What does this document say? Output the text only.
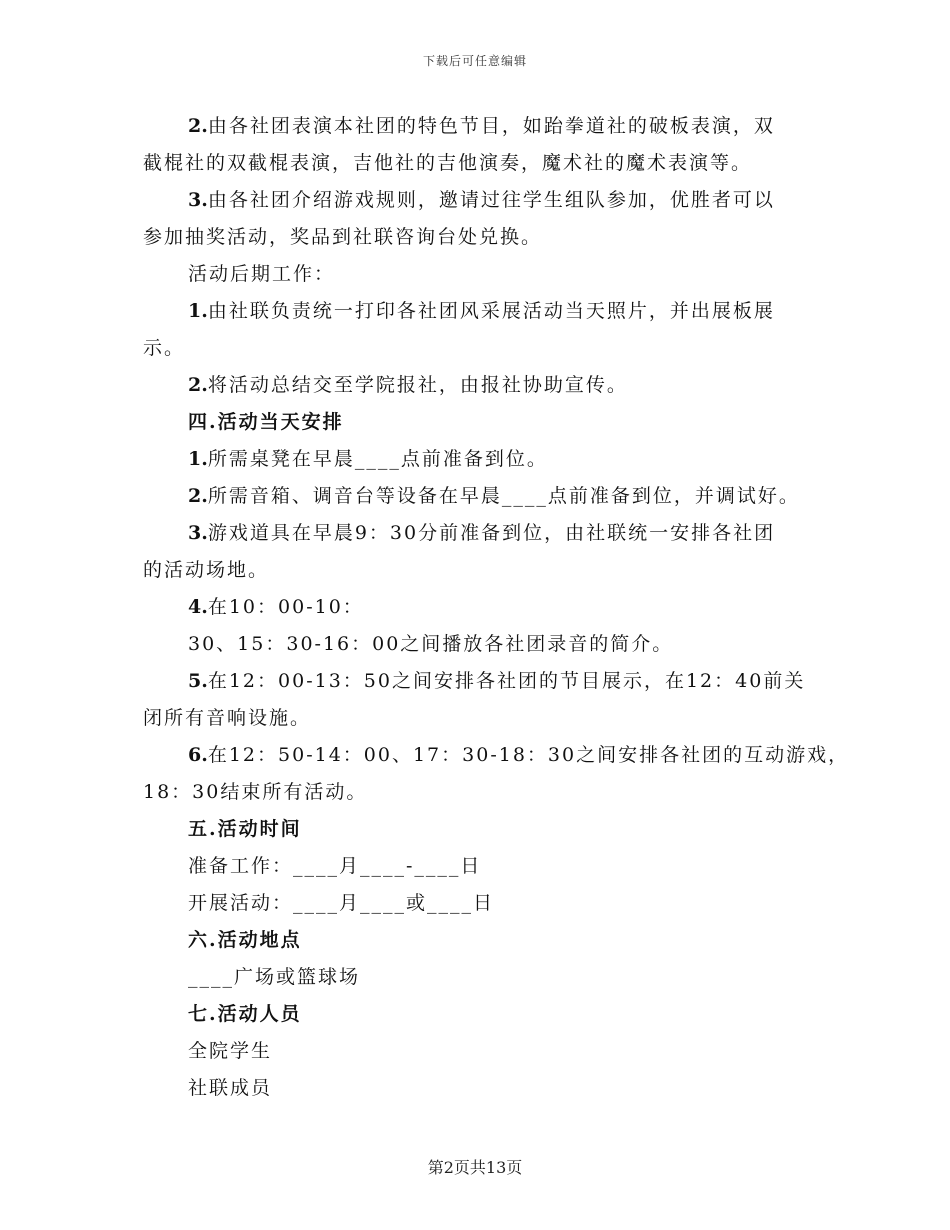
下载后可任意编辑
2.由各社团表演本社团的特色节目，如跆拳道社的破板表演，双
截棍社的双截棍表演，吉他社的吉他演奏，魔术社的魔术表演等。
3.由各社团介绍游戏规则，邀请过往学生组队参加，优胜者可以
参加抽奖活动，奖品到社联咨询台处兑换。
活动后期工作：
1.由社联负责统一打印各社团风采展活动当天照片，并出展板展
示。
2.将活动总结交至学院报社，由报社协助宣传。
四.活动当天安排
1.所需桌凳在早晨____点前准备到位。
2.所需音箱、调音台等设备在早晨____点前准备到位，并调试好。
3.游戏道具在早晨9：30分前准备到位，由社联统一安排各社团
的活动场地。
4.在10：00-10：
30、15：30-16：00之间播放各社团录音的简介。
5.在12：00-13：50之间安排各社团的节目展示，在12：40前关
闭所有音响设施。
6.在12：50-14：00、17：30-18：30之间安排各社团的互动游戏，
18：30结束所有活动。
五.活动时间
准备工作：____月____-____日
开展活动：____月____或____日
六.活动地点
____广场或篮球场
七.活动人员
全院学生
社联成员
第2页共13页
